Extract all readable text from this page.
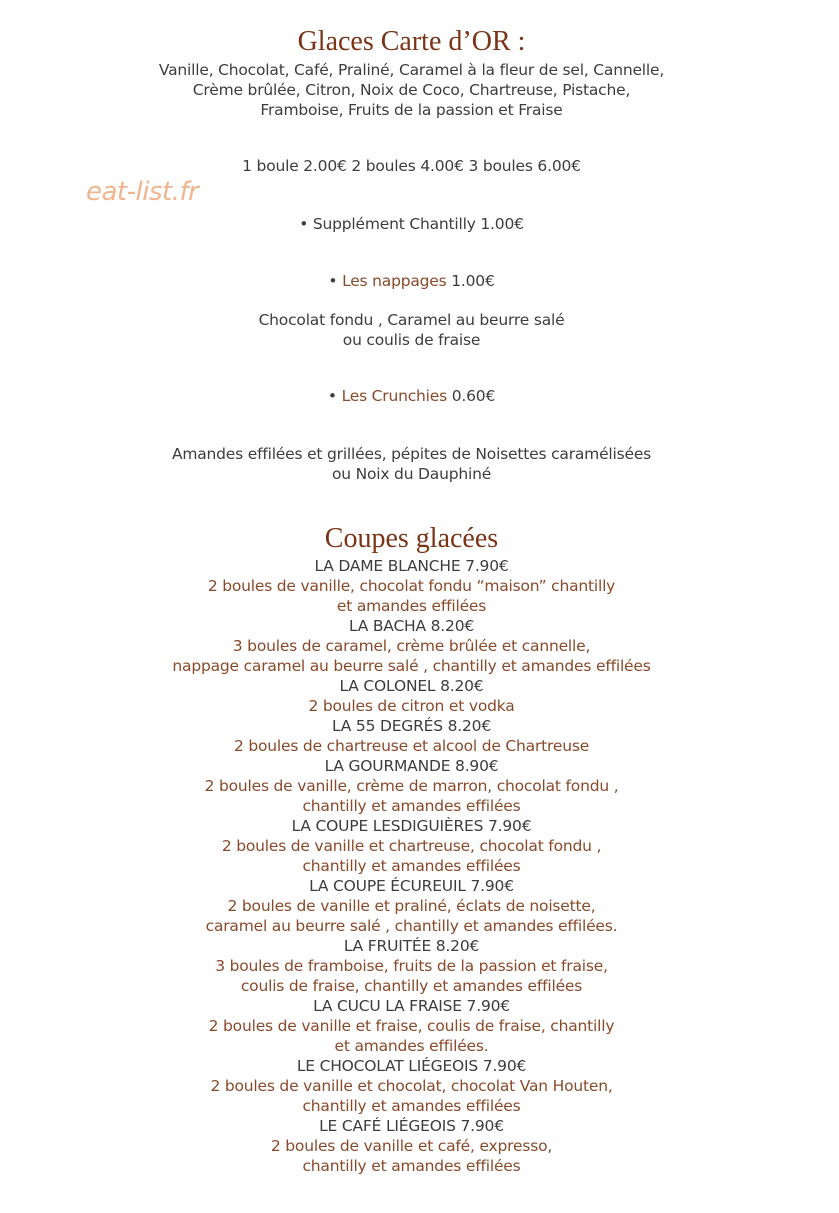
Glaces Carte d’OR :
Vanille, Chocolat, Café, Praliné, Caramel à la fleur de sel, Cannelle,
Crème brûlée, Citron, Noix de Coco, Chartreuse, Pistache,
Framboise, Fruits de la passion et Fraise
1 boule 2.00€ 2 boules 4.00€ 3 boules 6.00€
eat-list.fr
• Supplément Chantilly 1.00€
• Les nappages 1.00€
Chocolat fondu , Caramel au beurre salé
ou coulis de fraise
• Les Crunchies 0.60€
Amandes effilées et grillées, pépites de Noisettes caramélisées
ou Noix du Dauphiné
Coupes glacées
LA DAME BLANCHE 7.90€
2 boules de vanille, chocolat fondu “maison” chantilly
et amandes effilées
LA BACHA 8.20€
3 boules de caramel, crème brûlée et cannelle,
nappage caramel au beurre salé , chantilly et amandes effilées
LA COLONEL 8.20€
2 boules de citron et vodka
LA 55 DEGRÉS 8.20€
2 boules de chartreuse et alcool de Chartreuse
LA GOURMANDE 8.90€
2 boules de vanille, crème de marron, chocolat fondu ,
chantilly et amandes effilées
LA COUPE LESDIGUIÈRES 7.90€
2 boules de vanille et chartreuse, chocolat fondu ,
chantilly et amandes effilées
LA COUPE ÉCUREUIL 7.90€
2 boules de vanille et praliné, éclats de noisette,
caramel au beurre salé , chantilly et amandes effilées.
LA FRUITÉE 8.20€
3 boules de framboise, fruits de la passion et fraise,
coulis de fraise, chantilly et amandes effilées
LA CUCU LA FRAISE 7.90€
2 boules de vanille et fraise, coulis de fraise, chantilly
et amandes effilées.
LE CHOCOLAT LIÉGEOIS 7.90€
2 boules de vanille et chocolat, chocolat Van Houten,
chantilly et amandes effilées
LE CAFÉ LIÉGEOIS 7.90€
2 boules de vanille et café, expresso,
chantilly et amandes effilées
